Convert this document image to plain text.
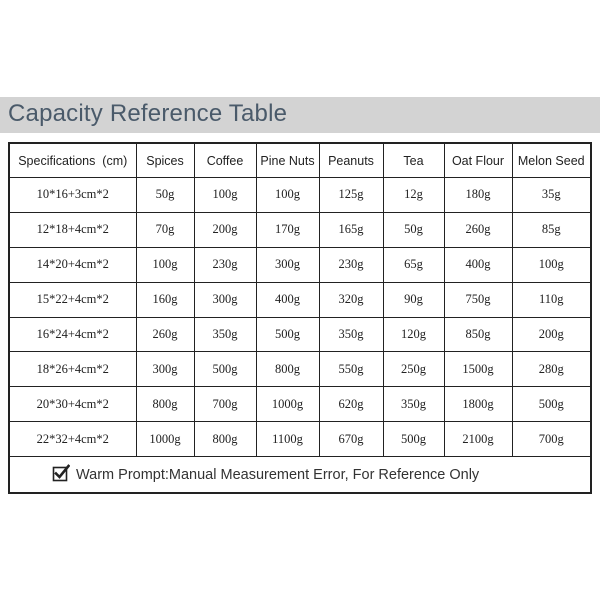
Capacity Reference Table
Specifications  (cm)	Spices	Coffee	Pine Nuts	Peanuts	Tea	Oat Flour	Melon Seed
10*16+3cm*2	50g	100g	100g	125g	12g	180g	35g
12*18+4cm*2	70g	200g	170g	165g	50g	260g	85g
14*20+4cm*2	100g	230g	300g	230g	65g	400g	100g
15*22+4cm*2	160g	300g	400g	320g	90g	750g	110g
16*24+4cm*2	260g	350g	500g	350g	120g	850g	200g
18*26+4cm*2	300g	500g	800g	550g	250g	1500g	280g
20*30+4cm*2	800g	700g	1000g	620g	350g	1800g	500g
22*32+4cm*2	1000g	800g	1100g	670g	500g	2100g	700g
Warm Prompt:Manual Measurement Error, For Reference Only							
